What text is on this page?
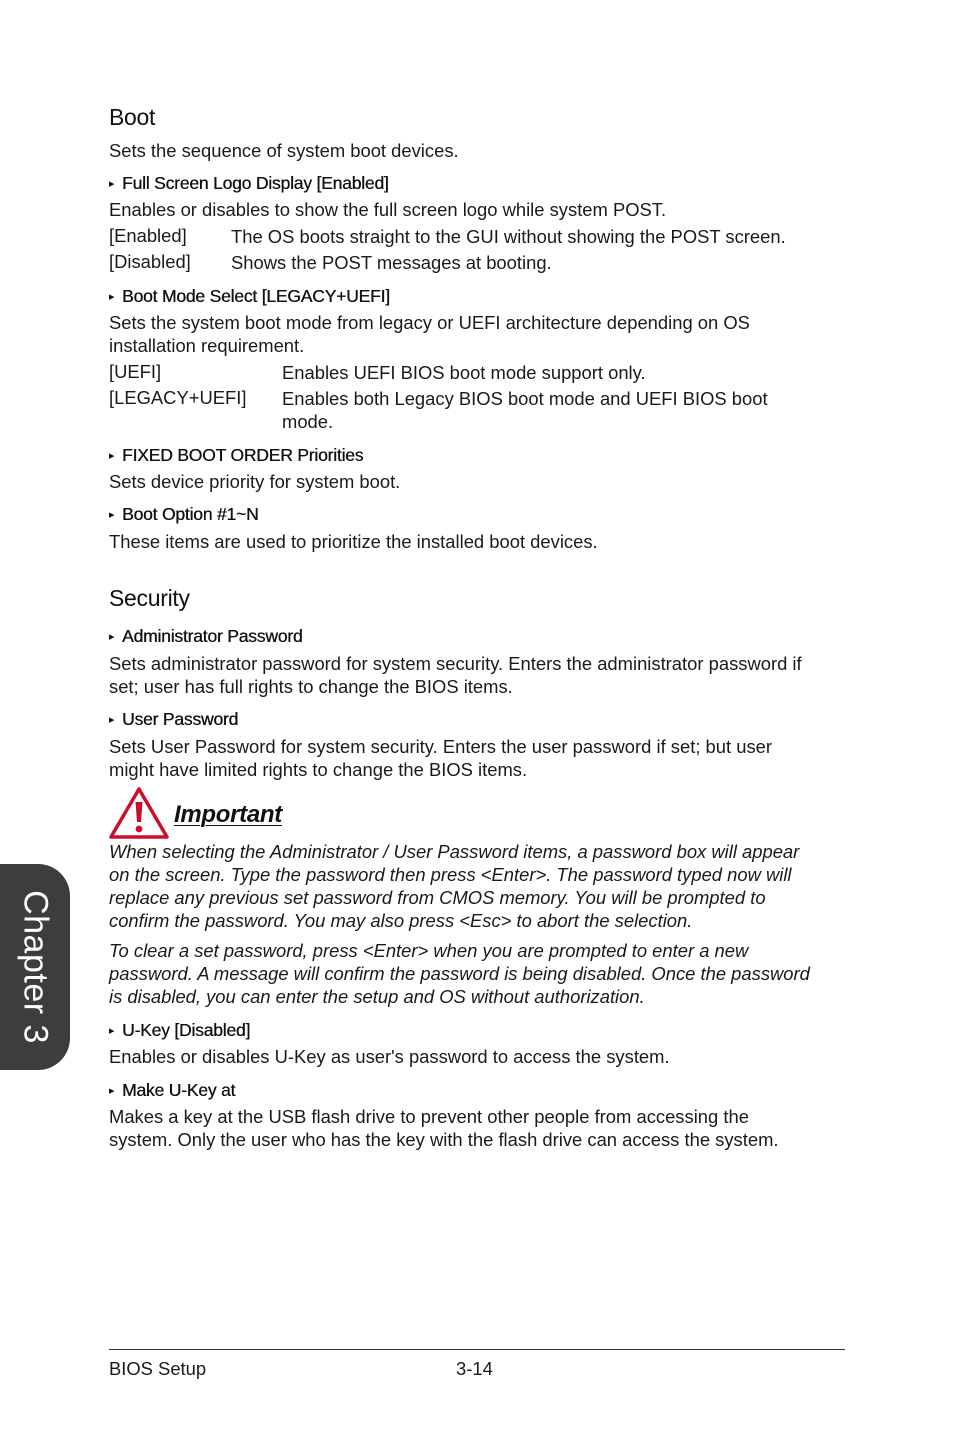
Chapter 3
Boot
Sets the sequence of system boot devices.
▸ Full Screen Logo Display [Enabled]
Enables or disables to show the full screen logo while system POST.
[Enabled] The OS boots straight to the GUI without showing the POST screen.
[Disabled] Shows the POST messages at booting.
▸ Boot Mode Select [LEGACY+UEFI]
Sets the system boot mode from legacy or UEFI architecture depending on OS
installation requirement.
[UEFI]	Enables UEFI BIOS boot mode support only.
[LEGACY+UEFI] Enables both Legacy BIOS boot mode and UEFI BIOS boot mode.
▸ FIXED BOOT ORDER Priorities
Sets device priority for system boot.
▸ Boot Option #1~N
These items are used to prioritize the installed boot devices.
Security
▸ Administrator Password
Sets administrator password for system security. Enters the administrator password if
set; user has full rights to change the BIOS items.
▸ User Password
Sets User Password for system security. Enters the user password if set; but user
might have limited rights to change the BIOS items.
Important
When selecting the Administrator / User Password items, a password box will appear
on the screen. Type the password then press <Enter>. The password typed now will
replace any previous set password from CMOS memory. You will be prompted to
confirm the password. You may also press <Esc> to abort the selection.
To clear a set password, press <Enter> when you are prompted to enter a new
password. A message will confirm the password is being disabled. Once the password
is disabled, you can enter the setup and OS without authorization.
▸ U-Key [Disabled]
Enables or disables U-Key as user's password to access the system.
▸ Make U-Key at
Makes a key at the USB flash drive to prevent other people from accessing the
system. Only the user who has the key with the flash drive can access the system.
BIOS Setup	3-14
